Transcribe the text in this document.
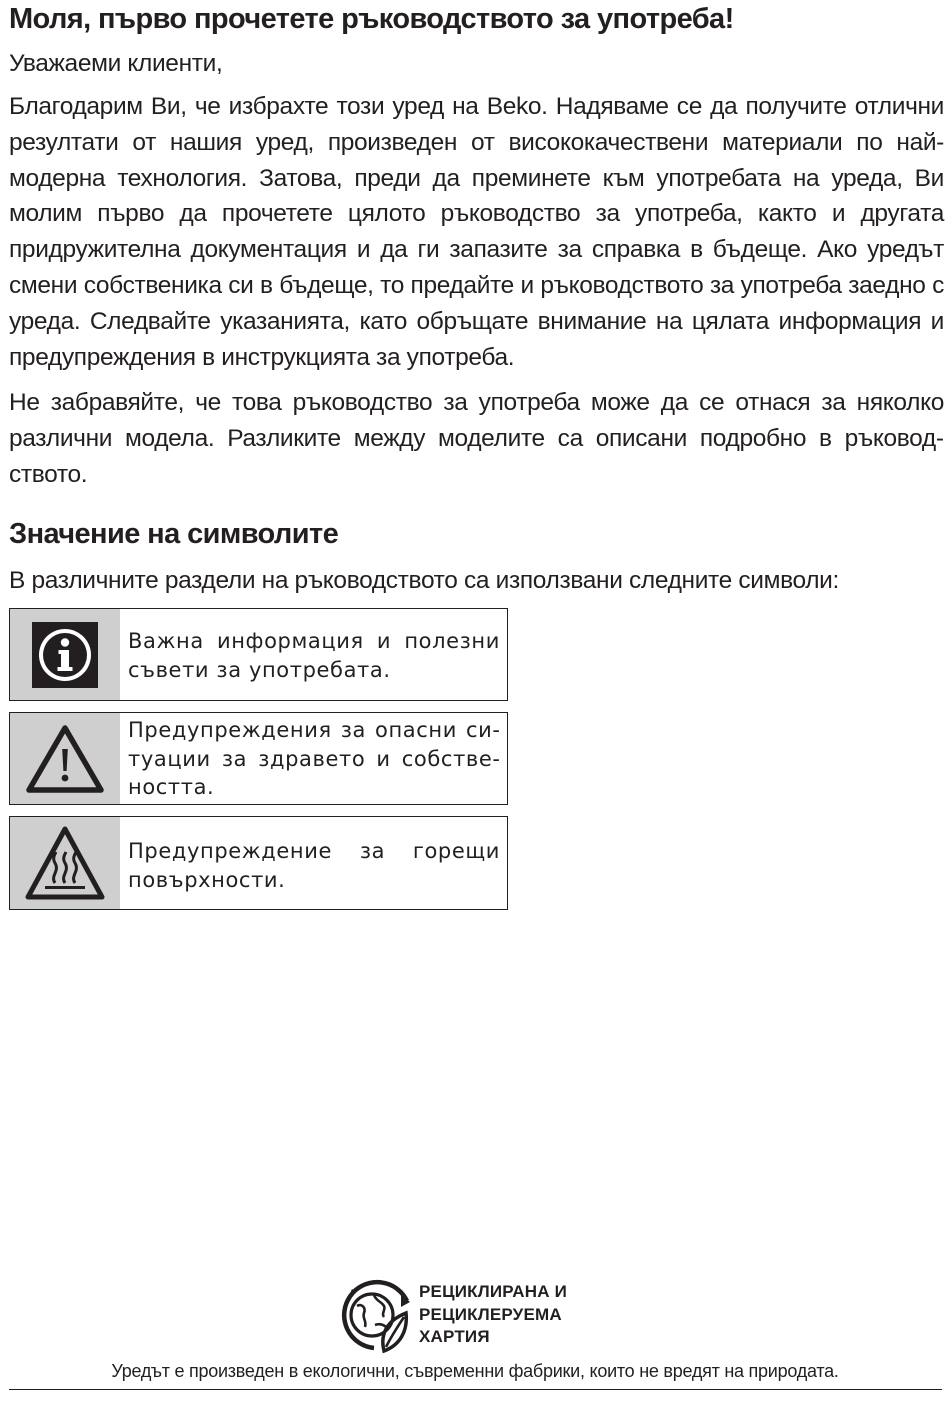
Моля, първо прочетете ръководството за употреба!

Уважаеми клиенти,

Благодарим Ви, че избрахте този уред на Beko. Надяваме се да получите отлични резултати от нашия уред, произведен от висококачествени материали по най-модерна технология. Затова, преди да преминете към употребата на уреда, Ви молим първо да прочетете цялото ръководство за употреба, както и другата придружителна документация и да ги запазите за справка в бъдеще. Ако уредът смени собственика си в бъдеще, то предайте и ръководството за употреба заедно с уреда. Следвайте указанията, като обръщате внимание на цялата информация и предупреждения в инструкцията за употреба.

Не забравяйте, че това ръководство за употреба може да се отнася за няколко различни модела. Разликите между моделите са описани подробно в ръководството.

Значение на символите

В различните раздели на ръководството са използвани следните символи:

Важна информация и полезни съвети за употребата.

Предупреждения за опасни ситуации за здравето и собствеността.

Предупреждение за горещи повърхности.

РЕЦИКЛИРАНА И
РЕЦИКЛЕРУЕМА
ХАРТИЯ

Уредът е произведен в екологични, съвременни фабрики, които не вредят на природата.
